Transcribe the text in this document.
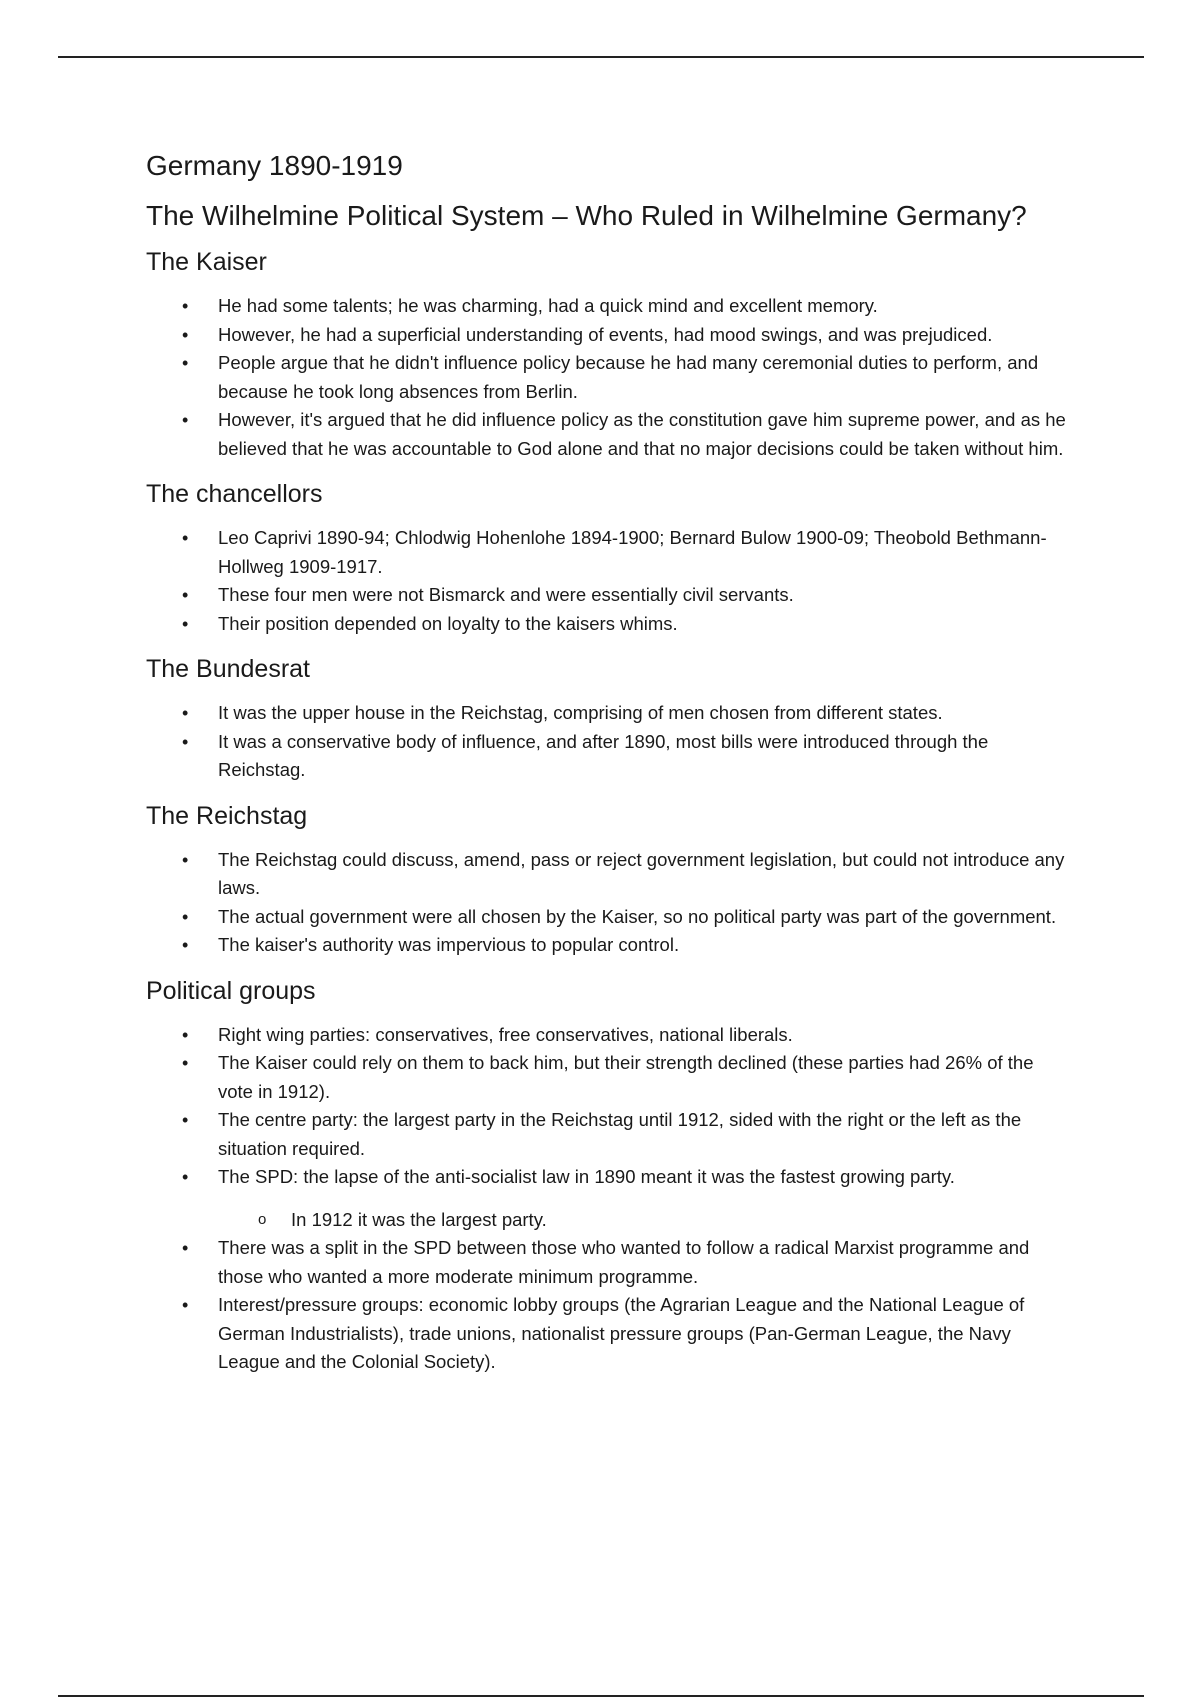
Germany 1890-1919
The Wilhelmine Political System – Who Ruled in Wilhelmine Germany?
The Kaiser
• He had some talents; he was charming, had a quick mind and excellent memory.
• However, he had a superficial understanding of events, had mood swings, and was prejudiced.
• People argue that he didn't influence policy because he had many ceremonial duties to perform, and because he took long absences from Berlin.
• However, it's argued that he did influence policy as the constitution gave him supreme power, and as he believed that he was accountable to God alone and that no major decisions could be taken without him.
The chancellors
• Leo Caprivi 1890-94; Chlodwig Hohenlohe 1894-1900; Bernard Bulow 1900-09; Theobold Bethmann-Hollweg 1909-1917.
• These four men were not Bismarck and were essentially civil servants.
• Their position depended on loyalty to the kaisers whims.
The Bundesrat
• It was the upper house in the Reichstag, comprising of men chosen from different states.
• It was a conservative body of influence, and after 1890, most bills were introduced through the Reichstag.
The Reichstag
• The Reichstag could discuss, amend, pass or reject government legislation, but could not introduce any laws.
• The actual government were all chosen by the Kaiser, so no political party was part of the government.
• The kaiser's authority was impervious to popular control.
Political groups
• Right wing parties: conservatives, free conservatives, national liberals.
• The Kaiser could rely on them to back him, but their strength declined (these parties had 26% of the vote in 1912).
• The centre party: the largest party in the Reichstag until 1912, sided with the right or the left as the situation required.
• The SPD: the lapse of the anti-socialist law in 1890 meant it was the fastest growing party.
o In 1912 it was the largest party.
• There was a split in the SPD between those who wanted to follow a radical Marxist programme and those who wanted a more moderate minimum programme.
• Interest/pressure groups: economic lobby groups (the Agrarian League and the National League of German Industrialists), trade unions, nationalist pressure groups (Pan-German League, the Navy League and the Colonial Society).
